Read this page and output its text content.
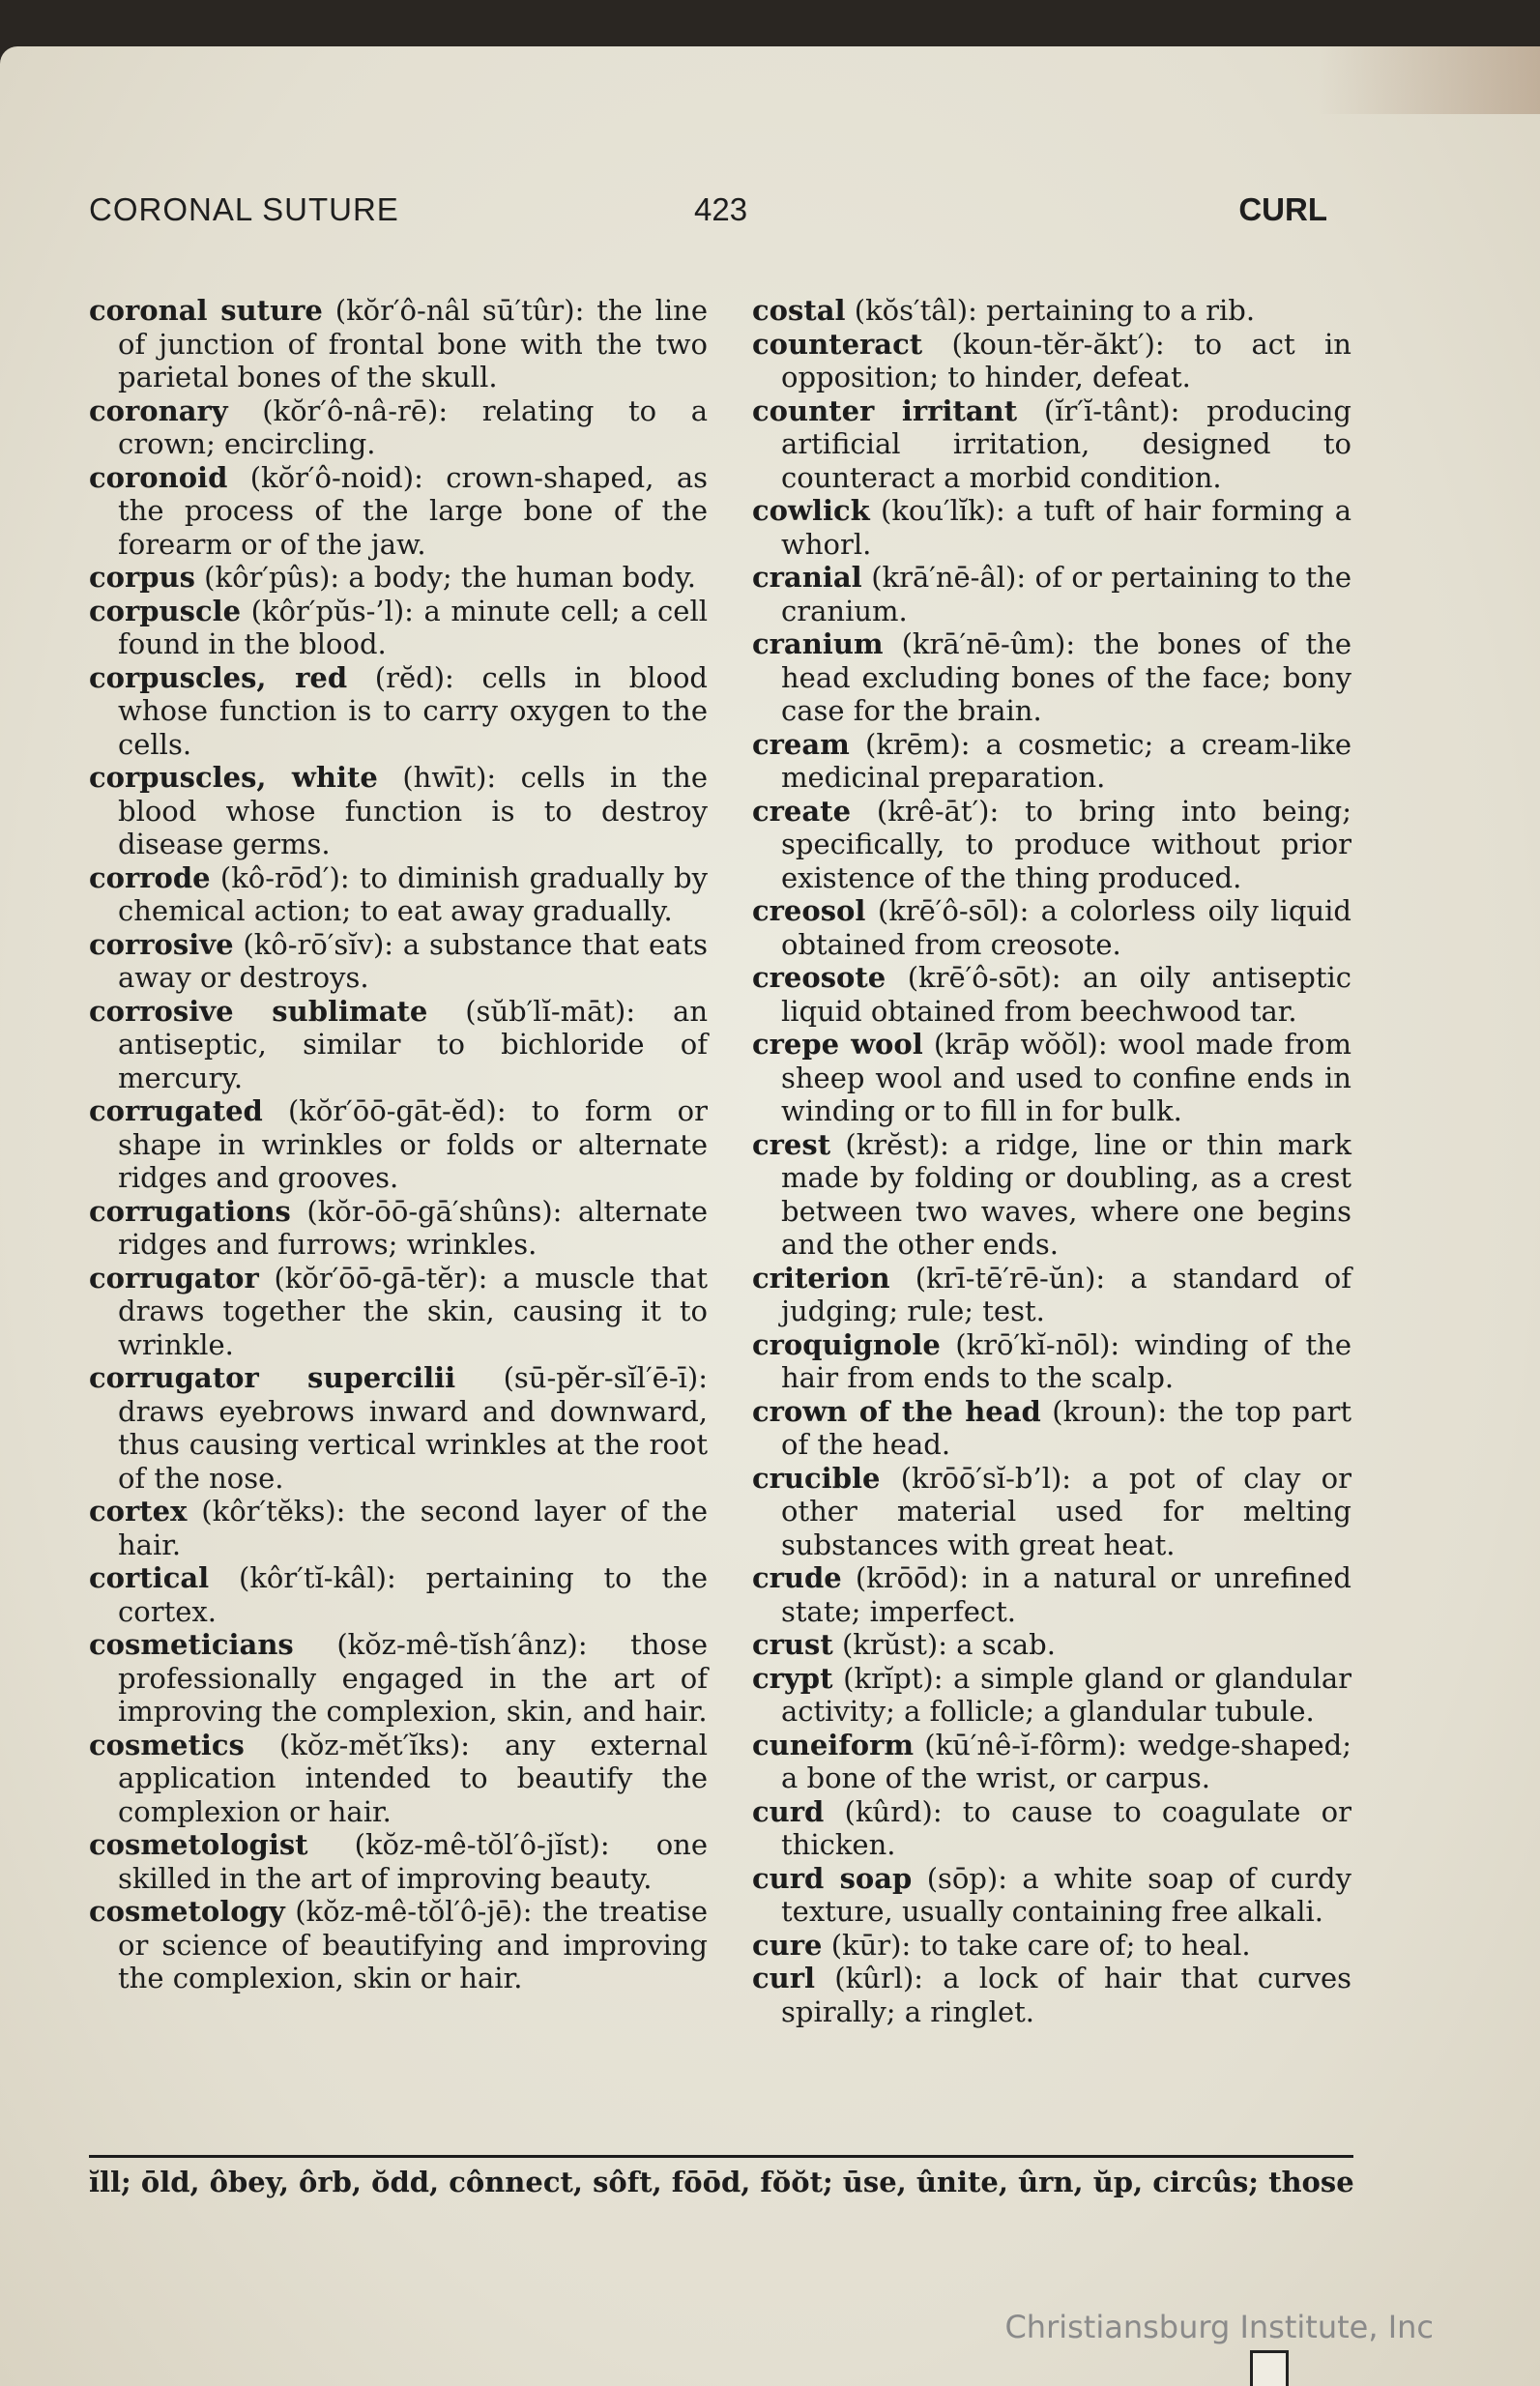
CORONAL SUTURE	423	CURL

coronal suture (kŏr′ô-nâl sū′tûr): the line of junction of frontal bone with the two parietal bones of the skull.

coronary (kŏr′ô-nâ-rē): relating to a crown; encircling.

coronoid (kŏr′ô-noid): crown-shaped, as the process of the large bone of the forearm or of the jaw.

corpus (kôr′pûs): a body; the human body.

corpuscle (kôr′pŭs-’l): a minute cell; a cell found in the blood.

corpuscles, red (rĕd): cells in blood whose function is to carry oxygen to the cells.

corpuscles, white (hwīt): cells in the blood whose function is to destroy disease germs.

corrode (kô-rōd′): to diminish gradually by chemical action; to eat away gradually.

corrosive (kô-rō′sĭv): a substance that eats away or destroys.

corrosive sublimate (sŭb′lĭ-māt): an antiseptic, similar to bichloride of mercury.

corrugated (kŏr′ōō-gāt-ĕd): to form or shape in wrinkles or folds or alternate ridges and grooves.

corrugations (kŏr-ōō-gā′shûns): alternate ridges and furrows; wrinkles.

corrugator (kŏr′ōō-gā-tĕr): a muscle that draws together the skin, causing it to wrinkle.

corrugator supercilii (sū-pĕr-sĭl′ē-ī): draws eyebrows inward and downward, thus causing vertical wrinkles at the root of the nose.

cortex (kôr′tĕks): the second layer of the hair.

cortical (kôr′tĭ-kâl): pertaining to the cortex.

cosmeticians (kŏz-mê-tĭsh′ânz): those professionally engaged in the art of improving the complexion, skin, and hair.

cosmetics (kŏz-mĕt′ĭks): any external application intended to beautify the complexion or hair.

cosmetologist (kŏz-mê-tŏl′ô-jĭst): one skilled in the art of improving beauty.

cosmetology (kŏz-mê-tŏl′ô-jē): the treatise or science of beautifying and improving the complexion, skin or hair.

costal (kŏs′tâl): pertaining to a rib.

counteract (koun-tĕr-ăkt′): to act in opposition; to hinder, defeat.

counter irritant (ĭr′ĭ-tânt): producing artificial irritation, designed to counteract a morbid condition.

cowlick (kou′lĭk): a tuft of hair forming a whorl.

cranial (krā′nē-âl): of or pertaining to the cranium.

cranium (krā′nē-ûm): the bones of the head excluding bones of the face; bony case for the brain.

cream (krēm): a cosmetic; a cream-like medicinal preparation.

create (krê-āt′): to bring into being; specifically, to produce without prior existence of the thing produced.

creosol (krē′ô-sōl): a colorless oily liquid obtained from creosote.

creosote (krē′ô-sōt): an oily antiseptic liquid obtained from beechwood tar.

crepe wool (krāp wŏŏl): wool made from sheep wool and used to confine ends in winding or to fill in for bulk.

crest (krĕst): a ridge, line or thin mark made by folding or doubling, as a crest between two waves, where one begins and the other ends.

criterion (krī-tē′rē-ŭn): a standard of judging; rule; test.

croquignole (krō′kĭ-nōl): winding of the hair from ends to the scalp.

crown of the head (kroun): the top part of the head.

crucible (krōō′sĭ-b’l): a pot of clay or other material used for melting substances with great heat.

crude (krōōd): in a natural or unrefined state; imperfect.

crust (krŭst): a scab.

crypt (krĭpt): a simple gland or glandular activity; a follicle; a glandular tubule.

cuneiform (kū′nê-ĭ-fôrm): wedge-shaped; a bone of the wrist, or carpus.

curd (kûrd): to cause to coagulate or thicken.

curd soap (sōp): a white soap of curdy texture, usually containing free alkali.

cure (kūr): to take care of; to heal.

curl (kûrl): a lock of hair that curves spirally; a ringlet.

ĭll; ōld, ôbey, ôrb, ŏdd, cônnect, sôft, fōōd, fŏŏt; ūse, ûnite, ûrn, ŭp, circûs; those
Christiansburg Institute, Inc
